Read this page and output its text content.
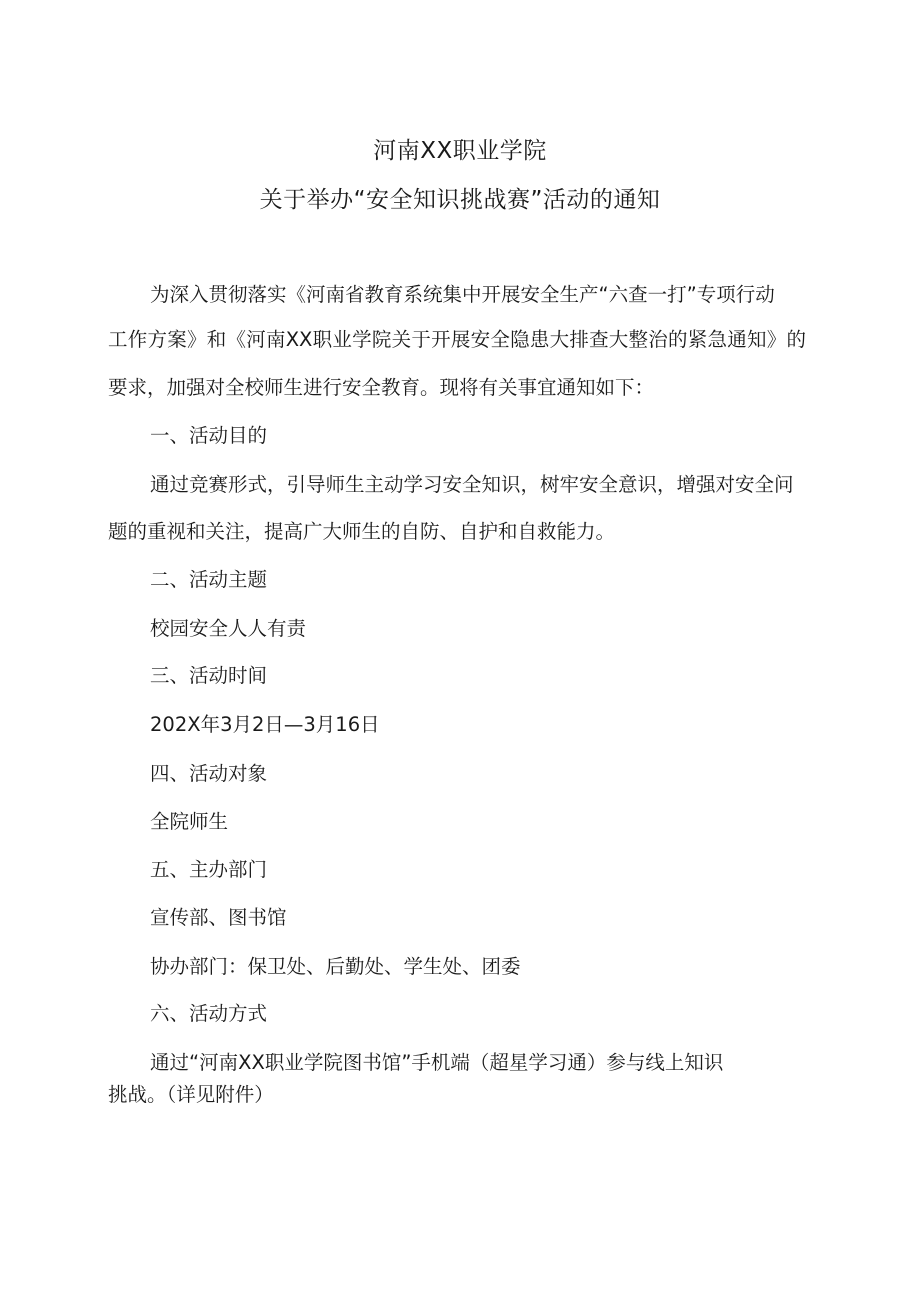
河南XX职业学院
关于举办“安全知识挑战赛”活动的通知
为深入贯彻落实《河南省教育系统集中开展安全生产“六查一打”专项行动
工作方案》和《河南XX职业学院关于开展安全隐患大排查大整治的紧急通知》的
要求，加强对全校师生进行安全教育。现将有关事宜通知如下：
一、活动目的
通过竞赛形式，引导师生主动学习安全知识，树牢安全意识，增强对安全问
题的重视和关注，提高广大师生的自防、自护和自救能力。
二、活动主题
校园安全人人有责
三、活动时间
202X年3月2日—3月16日
四、活动对象
全院师生
五、主办部门
宣传部、图书馆
协办部门：保卫处、后勤处、学生处、团委
六、活动方式
通过“河南XX职业学院图书馆”手机端（超星学习通）参与线上知识
挑战。（详见附件）
